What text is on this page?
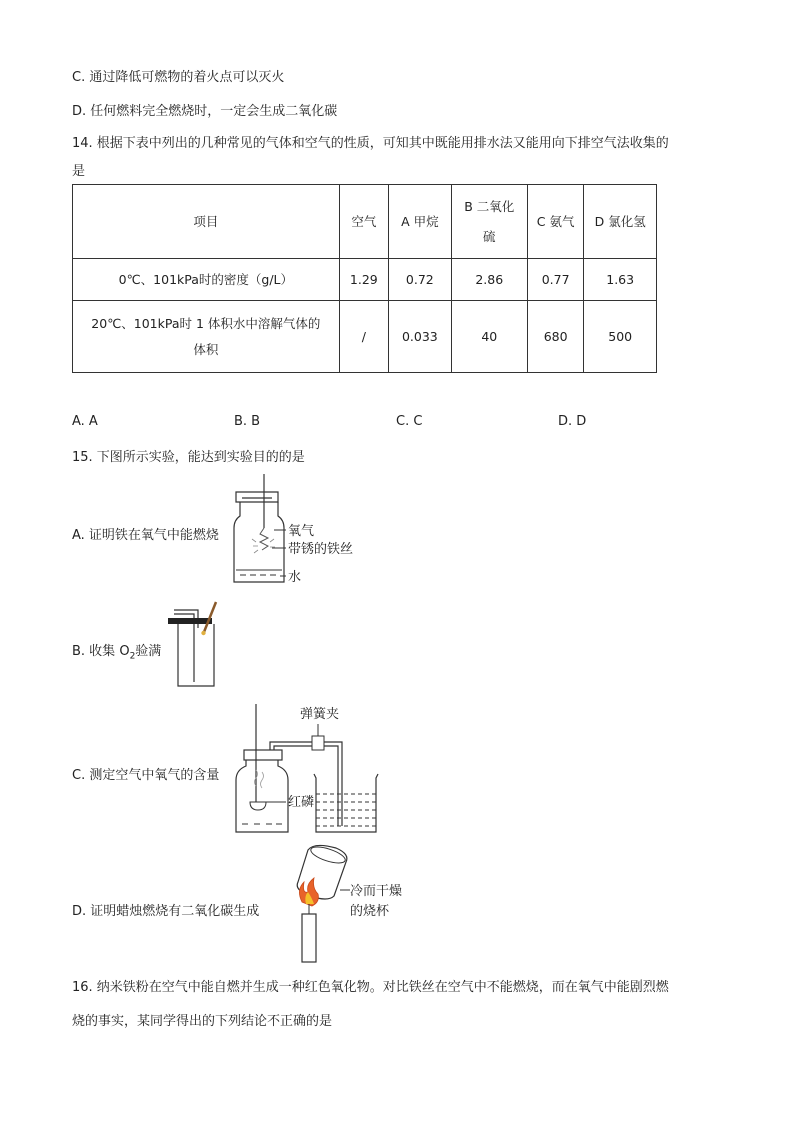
C. 通过降低可燃物的着火点可以灭火
D. 任何燃料完全燃烧时，一定会生成二氧化碳
14. 根据下表中列出的几种常见的气体和空气的性质，可知其中既能用排水法又能用向下排空气法收集的
是
项目	空气	A 甲烷	B 二氧化硫	C 氨气	D 氯化氢
0℃、101kPa时的密度（g/L）	1.29	0.72	2.86	0.77	1.63
20℃、101kPa时 1 体积水中溶解气体的体积	/	0.033	40	680	500
A. A	B. B	C. C	D. D
15. 下图所示实验，能达到实验目的的是
A. 证明铁在氧气中能燃烧	氧气
带锈的铁丝
水
B. 收集 $O_2$验满
C. 测定空气中氧气的含量
弹簧夹
红磷
D. 证明蜡烛燃烧有二氧化碳生成
冷而干燥
的烧杯
16. 纳米铁粉在空气中能自燃并生成一种红色氧化物。对比铁丝在空气中不能燃烧，而在氧气中能剧烈燃
烧的事实，某同学得出的下列结论不正确的是
